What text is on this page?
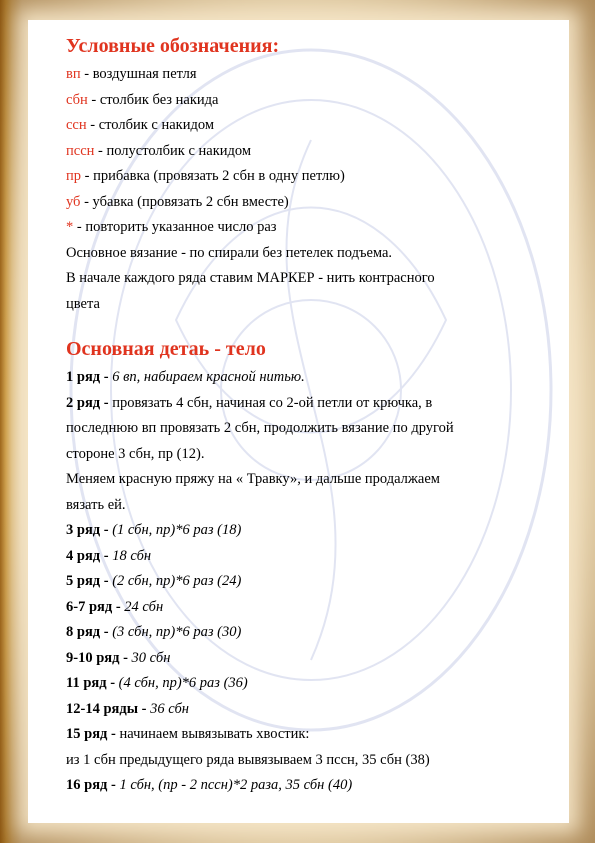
Условные обозначения:
вп - воздушная петля
сбн - столбик без накида
ссн - столбик с накидом
пссн - полустолбик с накидом
пр - прибавка (провязать 2 сбн в одну петлю)
уб - убавка (провязать 2 сбн вместе)
* - повторить указанное число раз
Основное вязание - по спирали без петелек подъема.
В начале каждого ряда ставим МАРКЕР - нить контрасного
цвета
Основная детаь - тело
1 ряд - 6 вп, набираем красной нитью.
2 ряд - провязать 4 сбн, начиная со 2-ой петли от крючка, в
последнюю вп провязать 2 сбн, продолжить вязание по другой
стороне 3 сбн, пр (12).
Меняем красную пряжу на « Травку», и дальше продалжаем
вязать ей.
3 ряд - (1 сбн, пр)*6 раз (18)
4 ряд - 18 сбн
5 ряд - (2 сбн, пр)*6 раз (24)
6-7 ряд - 24 сбн
8 ряд - (3 сбн, пр)*6 раз (30)
9-10 ряд - 30 сбн
11 ряд - (4 сбн, пр)*6 раз (36)
12-14 ряды - 36 сбн
15 ряд - начинаем вывязывать хвостик:
из 1 сбн предыдущего ряда вывязываем 3 пссн, 35 сбн (38)
16 ряд - 1 сбн, (пр - 2 пссн)*2 раза, 35 сбн (40)
